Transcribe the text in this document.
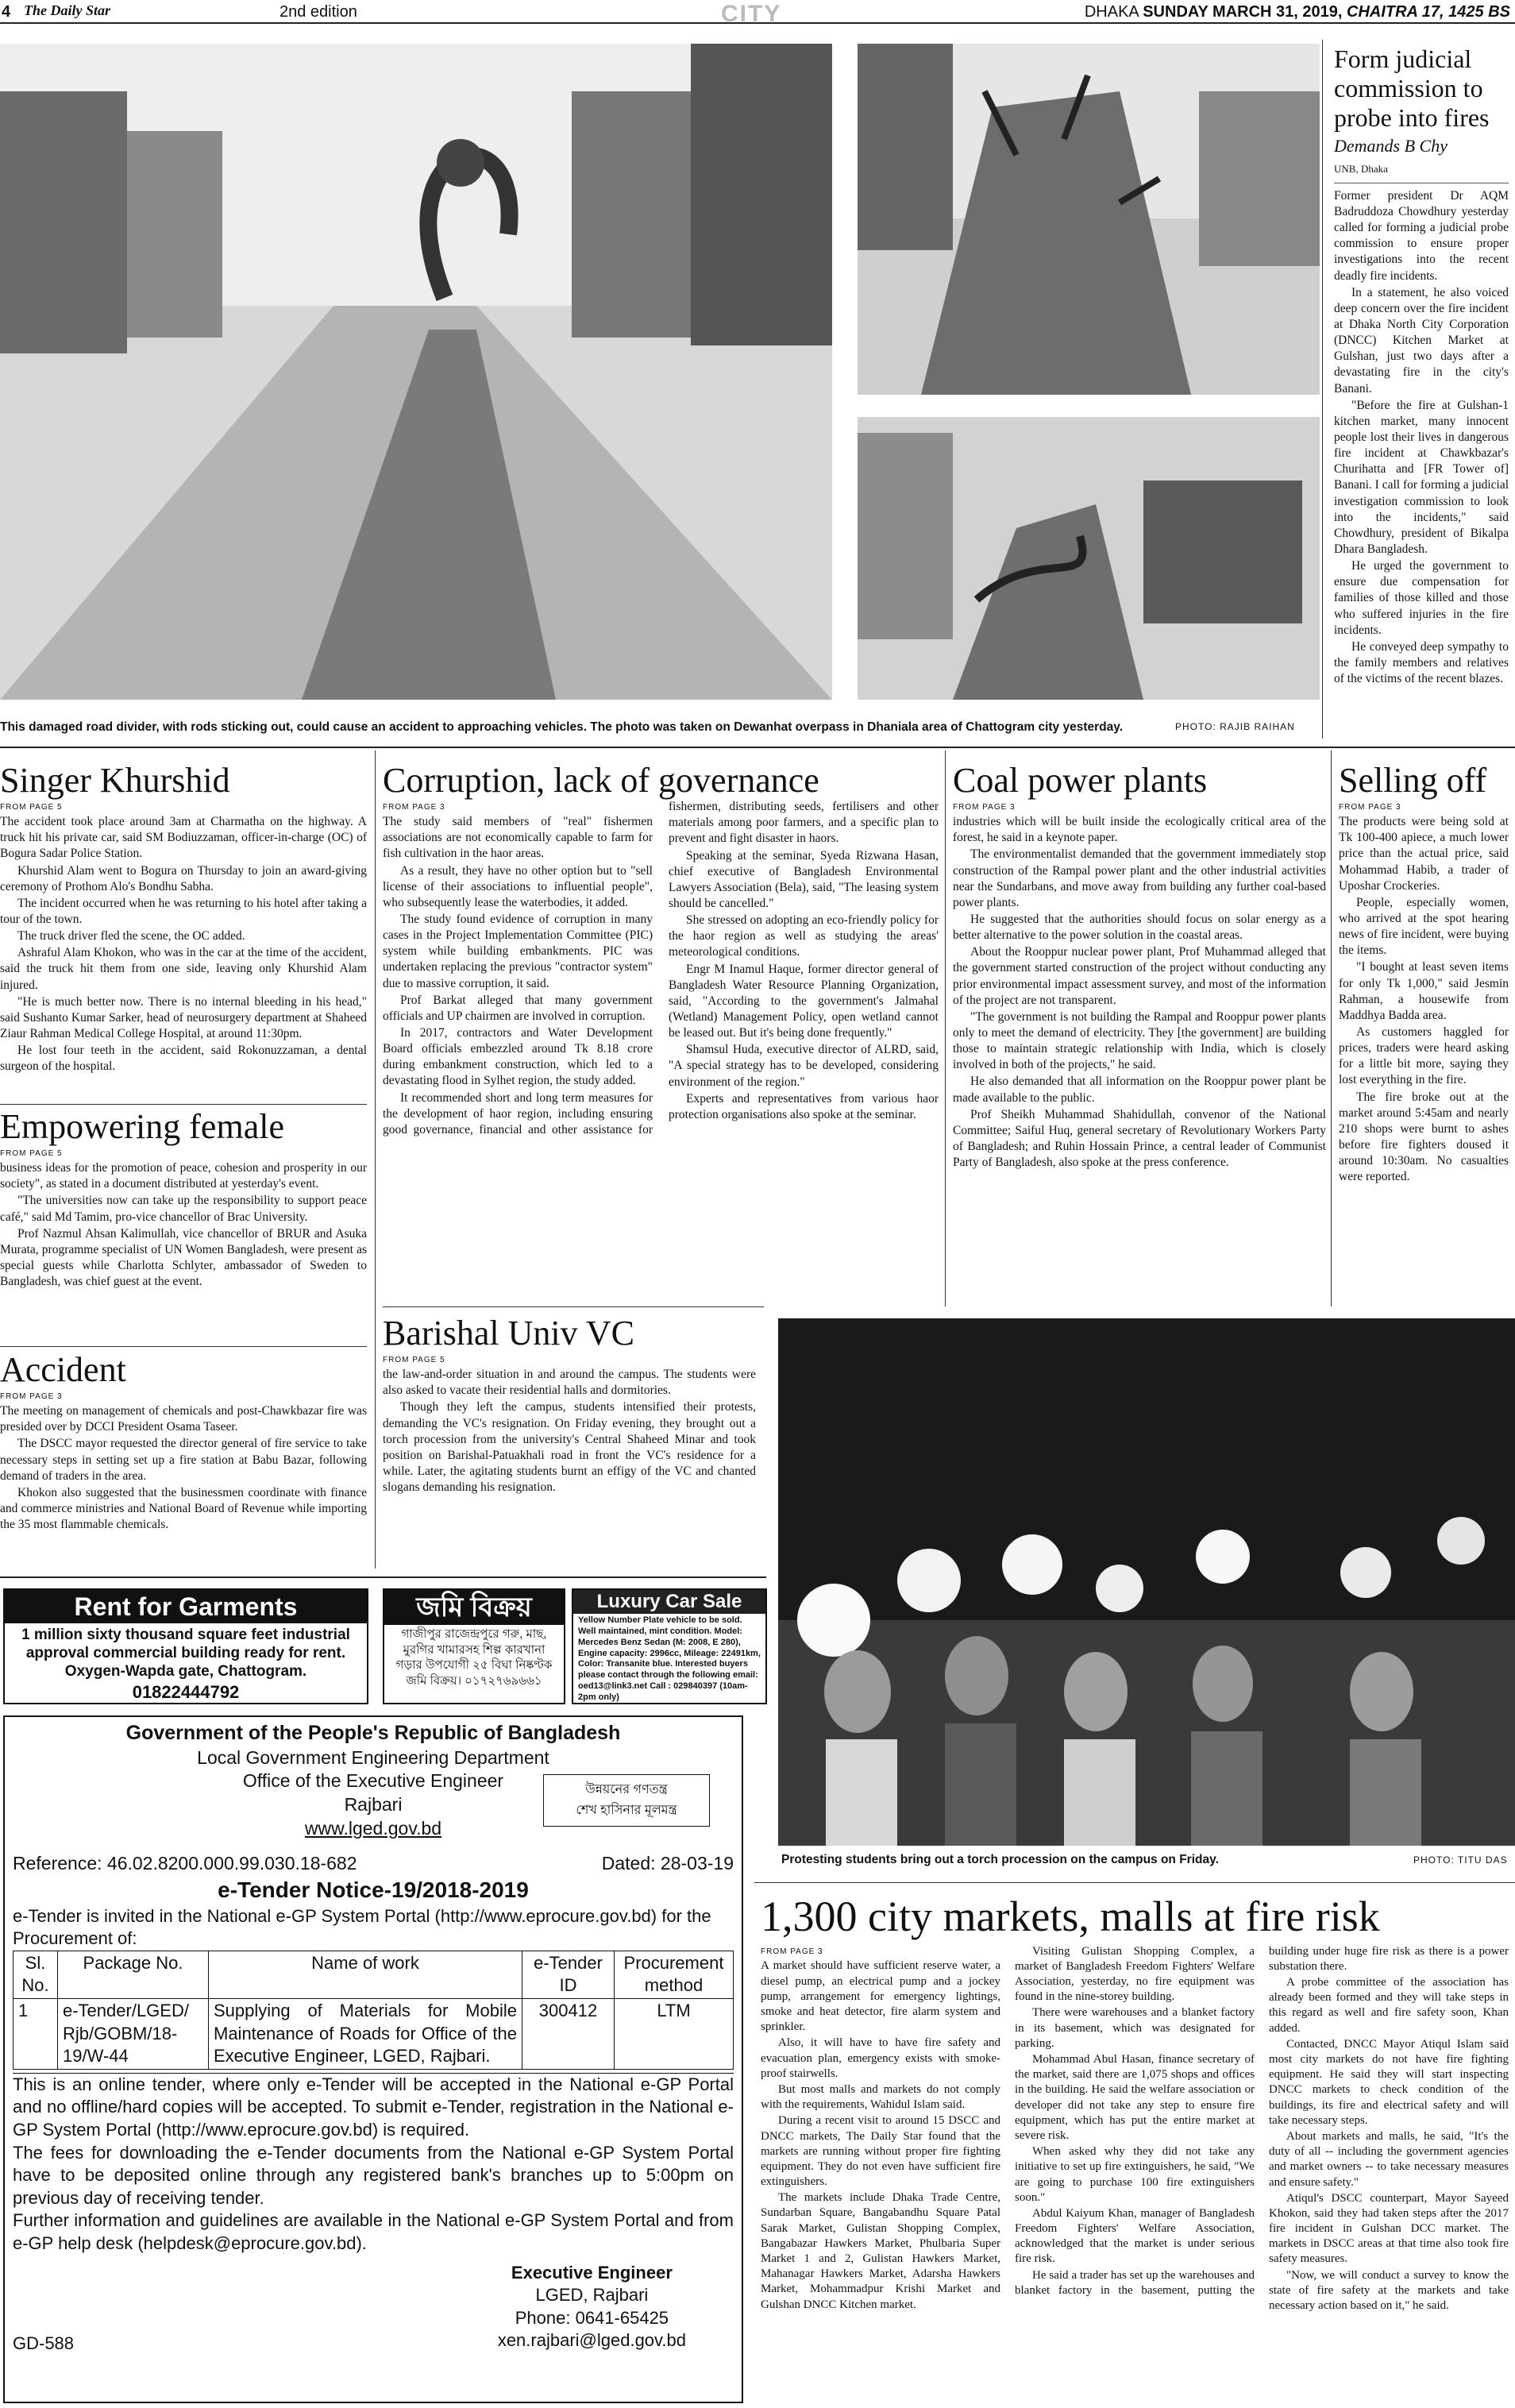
4 The Daily Star	2nd edition	CITY	DHAKA SUNDAY MARCH 31, 2019, CHAITRA 17, 1425 BS
This damaged road divider, with rods sticking out, could cause an accident to approaching vehicles. The photo was taken on Dewanhat overpass in Dhaniala area of Chattogram city yesterday.	PHOTO: RAJIB RAIHAN
Form judicial commission to probe into fires
Demands B Chy
UNB, Dhaka

Former president Dr AQM Badruddoza Chowdhury yesterday called for forming a judicial probe commission to ensure proper investigations into the recent deadly fire incidents.

In a statement, he also voiced deep concern over the fire incident at Dhaka North City Corporation (DNCC) Kitchen Market at Gulshan, just two days after a devastating fire in the city's Banani.

"Before the fire at Gulshan-1 kitchen market, many innocent people lost their lives in dangerous fire incident at Chawkbazar's Churihatta and [FR Tower of] Banani. I call for forming a judicial investigation commission to look into the incidents," said Chowdhury, president of Bikalpa Dhara Bangladesh.

He urged the government to ensure due compensation for families of those killed and those who suffered injuries in the fire incidents.

He conveyed deep sympathy to the family members and relatives of the victims of the recent blazes.

Singer Khurshid
FROM PAGE 5

The accident took place around 3am at Charmatha on the highway. A truck hit his private car, said SM Bodiuzzaman, officer-in-charge (OC) of Bogura Sadar Police Station.

Khurshid Alam went to Bogura on Thursday to join an award-giving ceremony of Prothom Alo's Bondhu Sabha.

The incident occurred when he was returning to his hotel after taking a tour of the town.

The truck driver fled the scene, the OC added.

Ashraful Alam Khokon, who was in the car at the time of the accident, said the truck hit them from one side, leaving only Khurshid Alam injured.

"He is much better now. There is no internal bleeding in his head," said Sushanto Kumar Sarker, head of neurosurgery department at Shaheed Ziaur Rahman Medical College Hospital, at around 11:30pm.

He lost four teeth in the accident, said Rokonuzzaman, a dental surgeon of the hospital.

Empowering female
FROM PAGE 5

business ideas for the promotion of peace, cohesion and prosperity in our society", as stated in a document distributed at yesterday's event.

"The universities now can take up the responsibility to support peace café," said Md Tamim, pro-vice chancellor of Brac University.

Prof Nazmul Ahsan Kalimullah, vice chancellor of BRUR and Asuka Murata, programme specialist of UN Women Bangladesh, were present as special guests while Charlotta Schlyter, ambassador of Sweden to Bangladesh, was chief guest at the event.

Accident
FROM PAGE 3

The meeting on management of chemicals and post-Chawkbazar fire was presided over by DCCI President Osama Taseer.

The DSCC mayor requested the director general of fire service to take necessary steps in setting set up a fire station at Babu Bazar, following demand of traders in the area.

Khokon also suggested that the businessmen coordinate with finance and commerce ministries and National Board of Revenue while importing the 35 most flammable chemicals.

Corruption, lack of governance
FROM PAGE 3

The study said members of "real" fishermen associations are not economically capable to farm for fish cultivation in the haor areas.

As a result, they have no other option but to "sell license of their associations to influential people", who subsequently lease the waterbodies, it added.

The study found evidence of corruption in many cases in the Project Implementation Committee (PIC) system while building embankments. PIC was undertaken replacing the previous "contractor system" due to massive corruption, it said.

Prof Barkat alleged that many government officials and UP chairmen are involved in corruption.

In 2017, contractors and Water Development Board officials embezzled around Tk 8.18 crore during embankment construction, which led to a devastating flood in Sylhet region, the study added.

It recommended short and long term measures for the development of haor region, including ensuring good governance, financial and other assistance for fishermen, distributing seeds, fertilisers and other materials among poor farmers, and a specific plan to prevent and fight disaster in haors.

Speaking at the seminar, Syeda Rizwana Hasan, chief executive of Bangladesh Environmental Lawyers Association (Bela), said, "The leasing system should be cancelled."

She stressed on adopting an eco-friendly policy for the haor region as well as studying the areas' meteorological conditions.

Engr M Inamul Haque, former director general of Bangladesh Water Resource Planning Organization, said, "According to the government's Jalmahal (Wetland) Management Policy, open wetland cannot be leased out. But it's being done frequently."

Shamsul Huda, executive director of ALRD, said, "A special strategy has to be developed, considering environment of the region."

Experts and representatives from various haor protection organisations also spoke at the seminar.

Coal power plants
FROM PAGE 3

industries which will be built inside the ecologically critical area of the forest, he said in a keynote paper.

The environmentalist demanded that the government immediately stop construction of the Rampal power plant and the other industrial activities near the Sundarbans, and move away from building any further coal-based power plants.

He suggested that the authorities should focus on solar energy as a better alternative to the power solution in the coastal areas.

About the Rooppur nuclear power plant, Prof Muhammad alleged that the government started construction of the project without conducting any prior environmental impact assessment survey, and most of the information of the project are not transparent.

"The government is not building the Rampal and Rooppur power plants only to meet the demand of electricity. They [the government] are building those to maintain strategic relationship with India, which is closely involved in both of the projects," he said.

He also demanded that all information on the Rooppur power plant be made available to the public.

Prof Sheikh Muhammad Shahidullah, convenor of the National Committee; Saiful Huq, general secretary of Revolutionary Workers Party of Bangladesh; and Ruhin Hossain Prince, a central leader of Communist Party of Bangladesh, also spoke at the press conference.

Selling off
FROM PAGE 3

The products were being sold at Tk 100-400 apiece, a much lower price than the actual price, said Mohammad Habib, a trader of Uposhar Crockeries.

People, especially women, who arrived at the spot hearing news of fire incident, were buying the items.

"I bought at least seven items for only Tk 1,000," said Jesmin Rahman, a housewife from Maddhya Badda area.

As customers haggled for prices, traders were heard asking for a little bit more, saying they lost everything in the fire.

The fire broke out at the market around 5:45am and nearly 210 shops were burnt to ashes before fire fighters doused it around 10:30am. No casualties were reported.

Barishal Univ VC
FROM PAGE 5

the law-and-order situation in and around the campus. The students were also asked to vacate their residential halls and dormitories.

Though they left the campus, students intensified their protests, demanding the VC's resignation. On Friday evening, they brought out a torch procession from the university's Central Shaheed Minar and took position on Barishal-Patuakhali road in front the VC's residence for a while. Later, the agitating students burnt an effigy of the VC and chanted slogans demanding his resignation.

Protesting students bring out a torch procession on the campus on Friday.	PHOTO: TITU DAS
Rent for Garments
1 million sixty thousand square feet industrial approval commercial building ready for rent. Oxygen-Wapda gate, Chattogram.
01822444792
জমি বিক্রয়
গাজীপুর রাজেন্দ্রপুরে গরু, মাছ, মুরগির খামারসহ শিল্প কারখানা গড়ার উপযোগী ২৫ বিঘা নিষ্কণ্টক জমি বিক্রয়। ০১৭২৭৬৯৬৬১
Luxury Car Sale
Yellow Number Plate vehicle to be sold. Well maintained, mint condition. Model: Mercedes Benz Sedan (M: 2008, E 280), Engine capacity: 2996cc, Mileage: 22491km, Color: Transanite blue. Interested buyers please contact through the following email: oed13@link3.net Call : 029840397 (10am- 2pm only)
Government of the People's Republic of Bangladesh
Local Government Engineering Department
Office of the Executive Engineer
Rajbari
www.lged.gov.bd
উন্নয়নের গণতন্ত্র
শেখ হাসিনার মূলমন্ত্র
Reference: 46.02.8200.000.99.030.18-682	Dated: 28-03-19
e-Tender Notice-19/2018-2019
e-Tender is invited in the National e-GP System Portal (http://www.eprocure.gov.bd) for the Procurement of:
Sl. No.	Package No.	Name of work	e-Tender ID	Procurement method
1	e-Tender/LGED/ Rjb/GOBM/18-19/W-44	Supplying of Materials for Mobile Maintenance of Roads for Office of the Executive Engineer, LGED, Rajbari.	300412	LTM
This is an online tender, where only e-Tender will be accepted in the National e-GP Portal and no offline/hard copies will be accepted. To submit e-Tender, registration in the National e-GP System Portal (http://www.eprocure.gov.bd) is required.
The fees for downloading the e-Tender documents from the National e-GP System Portal have to be deposited online through any registered bank's branches up to 5:00pm on previous day of receiving tender.
Further information and guidelines are available in the National e-GP System Portal and from e-GP help desk (helpdesk@eprocure.gov.bd).
Executive Engineer
LGED, Rajbari
Phone: 0641-65425
xen.rajbari@lged.gov.bd
GD-588
1,300 city markets, malls at fire risk
FROM PAGE 3

A market should have sufficient reserve water, a diesel pump, an electrical pump and a jockey pump, arrangement for emergency lightings, smoke and heat detector, fire alarm system and sprinkler.

Also, it will have to have fire safety and evacuation plan, emergency exists with smoke-proof stairwells.

But most malls and markets do not comply with the requirements, Wahidul Islam said.

During a recent visit to around 15 DSCC and DNCC markets, The Daily Star found that the markets are running without proper fire fighting equipment. They do not even have sufficient fire extinguishers.

The markets include Dhaka Trade Centre, Sundarban Square, Bangabandhu Square Patal Sarak Market, Gulistan Shopping Complex, Bangabazar Hawkers Market, Phulbaria Super Market 1 and 2, Gulistan Hawkers Market, Mahanagar Hawkers Market, Adarsha Hawkers Market, Mohammadpur Krishi Market and Gulshan DNCC Kitchen market.

Visiting Gulistan Shopping Complex, a market of Bangladesh Freedom Fighters' Welfare Association, yesterday, no fire equipment was found in the nine-storey building.

There were warehouses and a blanket factory in its basement, which was designated for parking.

Mohammad Abul Hasan, finance secretary of the market, said there are 1,075 shops and offices in the building. He said the welfare association or developer did not take any step to ensure fire equipment, which has put the entire market at severe risk.

When asked why they did not take any initiative to set up fire extinguishers, he said, "We are going to purchase 100 fire extinguishers soon."

Abdul Kaiyum Khan, manager of Bangladesh Freedom Fighters' Welfare Association, acknowledged that the market is under serious fire risk.

He said a trader has set up the warehouses and blanket factory in the basement, putting the building under huge fire risk as there is a power substation there.

A probe committee of the association has already been formed and they will take steps in this regard as well and fire safety soon, Khan added.

Contacted, DNCC Mayor Atiqul Islam said most city markets do not have fire fighting equipment. He said they will start inspecting DNCC markets to check condition of the buildings, its fire and electrical safety and will take necessary steps.

About markets and malls, he said, "It's the duty of all -- including the government agencies and market owners -- to take necessary measures and ensure safety."

Atiqul's DSCC counterpart, Mayor Sayeed Khokon, said they had taken steps after the 2017 fire incident in Gulshan DCC market. The markets in DSCC areas at that time also took fire safety measures.

"Now, we will conduct a survey to know the state of fire safety at the markets and take necessary action based on it," he said.
